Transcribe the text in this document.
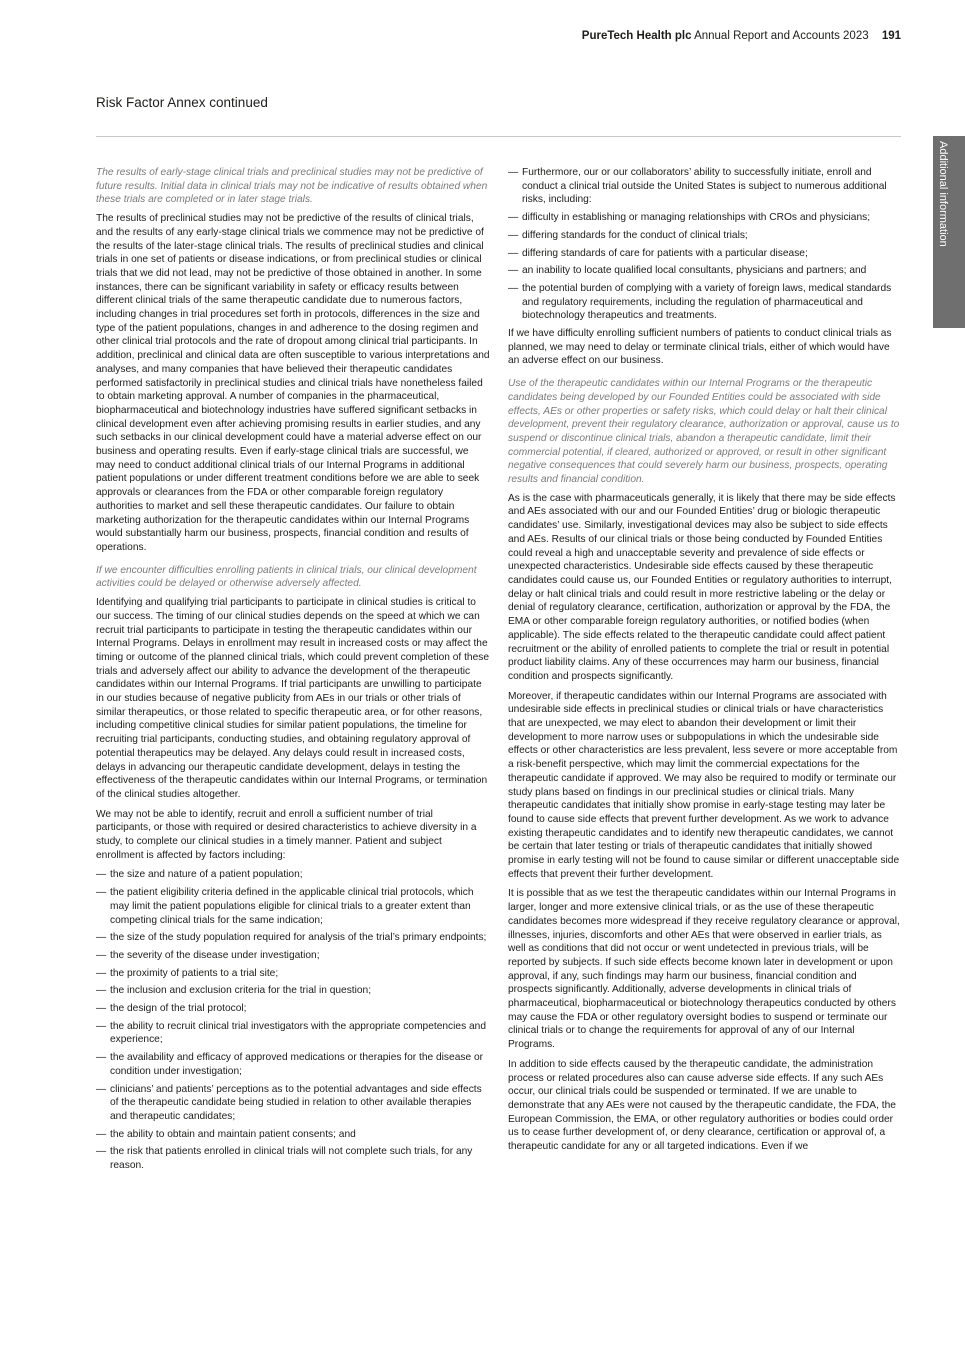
PureTech Health plc Annual Report and Accounts 2023 191
Risk Factor Annex continued
Additional information

The results of early-stage clinical trials and preclinical studies may not be predictive of future results. Initial data in clinical trials may not be indicative of results obtained when these trials are completed or in later stage trials.

The results of preclinical studies may not be predictive of the results of clinical trials, and the results of any early-stage clinical trials we commence may not be predictive of the results of the later-stage clinical trials. The results of preclinical studies and clinical trials in one set of patients or disease indications, or from preclinical studies or clinical trials that we did not lead, may not be predictive of those obtained in another. In some instances, there can be significant variability in safety or efficacy results between different clinical trials of the same therapeutic candidate due to numerous factors, including changes in trial procedures set forth in protocols, differences in the size and type of the patient populations, changes in and adherence to the dosing regimen and other clinical trial protocols and the rate of dropout among clinical trial participants. In addition, preclinical and clinical data are often susceptible to various interpretations and analyses, and many companies that have believed their therapeutic candidates performed satisfactorily in preclinical studies and clinical trials have nonetheless failed to obtain marketing approval. A number of companies in the pharmaceutical, biopharmaceutical and biotechnology industries have suffered significant setbacks in clinical development even after achieving promising results in earlier studies, and any such setbacks in our clinical development could have a material adverse effect on our business and operating results. Even if early-stage clinical trials are successful, we may need to conduct additional clinical trials of our Internal Programs in additional patient populations or under different treatment conditions before we are able to seek approvals or clearances from the FDA or other comparable foreign regulatory authorities to market and sell these therapeutic candidates. Our failure to obtain marketing authorization for the therapeutic candidates within our Internal Programs would substantially harm our business, prospects, financial condition and results of operations.

If we encounter difficulties enrolling patients in clinical trials, our clinical development activities could be delayed or otherwise adversely affected.

Identifying and qualifying trial participants to participate in clinical studies is critical to our success. The timing of our clinical studies depends on the speed at which we can recruit trial participants to participate in testing the therapeutic candidates within our Internal Programs. Delays in enrollment may result in increased costs or may affect the timing or outcome of the planned clinical trials, which could prevent completion of these trials and adversely affect our ability to advance the development of the therapeutic candidates within our Internal Programs. If trial participants are unwilling to participate in our studies because of negative publicity from AEs in our trials or other trials of similar therapeutics, or those related to specific therapeutic area, or for other reasons, including competitive clinical studies for similar patient populations, the timeline for recruiting trial participants, conducting studies, and obtaining regulatory approval of potential therapeutics may be delayed. Any delays could result in increased costs, delays in advancing our therapeutic candidate development, delays in testing the effectiveness of the therapeutic candidates within our Internal Programs, or termination of the clinical studies altogether.

We may not be able to identify, recruit and enroll a sufficient number of trial participants, or those with required or desired characteristics to achieve diversity in a study, to complete our clinical studies in a timely manner. Patient and subject enrollment is affected by factors including:

— the size and nature of a patient population;
— the patient eligibility criteria defined in the applicable clinical trial protocols, which may limit the patient populations eligible for clinical trials to a greater extent than competing clinical trials for the same indication;
— the size of the study population required for analysis of the trial’s primary endpoints;
— the severity of the disease under investigation;
— the proximity of patients to a trial site;
— the inclusion and exclusion criteria for the trial in question;
— the design of the trial protocol;
— the ability to recruit clinical trial investigators with the appropriate competencies and experience;
— the availability and efficacy of approved medications or therapies for the disease or condition under investigation;
— clinicians’ and patients’ perceptions as to the potential advantages and side effects of the therapeutic candidate being studied in relation to other available therapies and therapeutic candidates;
— the ability to obtain and maintain patient consents; and
— the risk that patients enrolled in clinical trials will not complete such trials, for any reason.
— Furthermore, our or our collaborators’ ability to successfully initiate, enroll and conduct a clinical trial outside the United States is subject to numerous additional risks, including:
— difficulty in establishing or managing relationships with CROs and physicians;
— differing standards for the conduct of clinical trials;
— differing standards of care for patients with a particular disease;
— an inability to locate qualified local consultants, physicians and partners; and
— the potential burden of complying with a variety of foreign laws, medical standards and regulatory requirements, including the regulation of pharmaceutical and biotechnology therapeutics and treatments.

If we have difficulty enrolling sufficient numbers of patients to conduct clinical trials as planned, we may need to delay or terminate clinical trials, either of which would have an adverse effect on our business.

Use of the therapeutic candidates within our Internal Programs or the therapeutic candidates being developed by our Founded Entities could be associated with side effects, AEs or other properties or safety risks, which could delay or halt their clinical development, prevent their regulatory clearance, authorization or approval, cause us to suspend or discontinue clinical trials, abandon a therapeutic candidate, limit their commercial potential, if cleared, authorized or approved, or result in other significant negative consequences that could severely harm our business, prospects, operating results and financial condition.

As is the case with pharmaceuticals generally, it is likely that there may be side effects and AEs associated with our and our Founded Entities’ drug or biologic therapeutic candidates’ use. Similarly, investigational devices may also be subject to side effects and AEs. Results of our clinical trials or those being conducted by Founded Entities could reveal a high and unacceptable severity and prevalence of side effects or unexpected characteristics. Undesirable side effects caused by these therapeutic candidates could cause us, our Founded Entities or regulatory authorities to interrupt, delay or halt clinical trials and could result in more restrictive labeling or the delay or denial of regulatory clearance, certification, authorization or approval by the FDA, the EMA or other comparable foreign regulatory authorities, or notified bodies (when applicable). The side effects related to the therapeutic candidate could affect patient recruitment or the ability of enrolled patients to complete the trial or result in potential product liability claims. Any of these occurrences may harm our business, financial condition and prospects significantly.

Moreover, if therapeutic candidates within our Internal Programs are associated with undesirable side effects in preclinical studies or clinical trials or have characteristics that are unexpected, we may elect to abandon their development or limit their development to more narrow uses or subpopulations in which the undesirable side effects or other characteristics are less prevalent, less severe or more acceptable from a risk-benefit perspective, which may limit the commercial expectations for the therapeutic candidate if approved. We may also be required to modify or terminate our study plans based on findings in our preclinical studies or clinical trials. Many therapeutic candidates that initially show promise in early-stage testing may later be found to cause side effects that prevent further development. As we work to advance existing therapeutic candidates and to identify new therapeutic candidates, we cannot be certain that later testing or trials of therapeutic candidates that initially showed promise in early testing will not be found to cause similar or different unacceptable side effects that prevent their further development.

It is possible that as we test the therapeutic candidates within our Internal Programs in larger, longer and more extensive clinical trials, or as the use of these therapeutic candidates becomes more widespread if they receive regulatory clearance or approval, illnesses, injuries, discomforts and other AEs that were observed in earlier trials, as well as conditions that did not occur or went undetected in previous trials, will be reported by subjects. If such side effects become known later in development or upon approval, if any, such findings may harm our business, financial condition and prospects significantly. Additionally, adverse developments in clinical trials of pharmaceutical, biopharmaceutical or biotechnology therapeutics conducted by others may cause the FDA or other regulatory oversight bodies to suspend or terminate our clinical trials or to change the requirements for approval of any of our Internal Programs.

In addition to side effects caused by the therapeutic candidate, the administration process or related procedures also can cause adverse side effects. If any such AEs occur, our clinical trials could be suspended or terminated. If we are unable to demonstrate that any AEs were not caused by the therapeutic candidate, the FDA, the European Commission, the EMA, or other regulatory authorities or bodies could order us to cease further development of, or deny clearance, certification or approval of, a therapeutic candidate for any or all targeted indications. Even if we
